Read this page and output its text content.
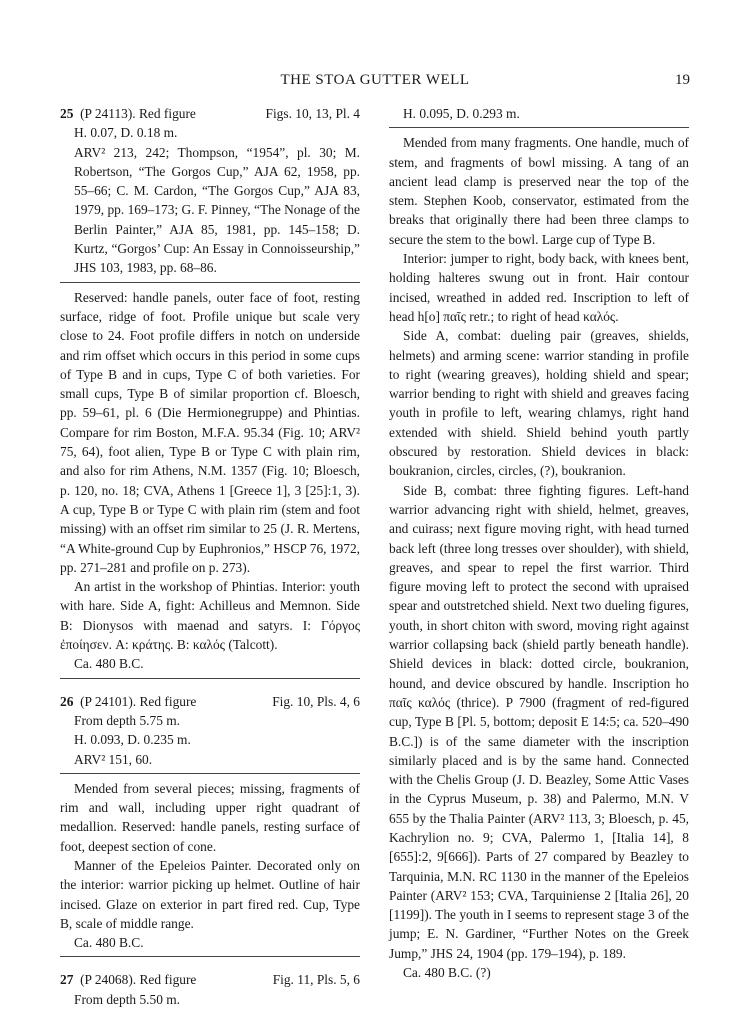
THE STOA GUTTER WELL	19
25 (P 24113). Red figure	Figs. 10, 13, Pl. 4

H. 0.07, D. 0.18 m.

ARV² 213, 242; Thompson, “1954”, pl. 30; M. Robertson, “The Gorgos Cup,” AJA 62, 1958, pp. 55–66; C. M. Cardon, “The Gorgos Cup,” AJA 83, 1979, pp. 169–173; G. F. Pinney, “The Nonage of the Berlin Painter,” AJA 85, 1981, pp. 145–158; D. Kurtz, “Gorgos’ Cup: An Essay in Connoisseurship,” JHS 103, 1983, pp. 68–86.

Reserved: handle panels, outer face of foot, resting surface, ridge of foot. Profile unique but scale very close to 24. Foot profile differs in notch on underside and rim offset which occurs in this period in some cups of Type B and in cups, Type C of both varieties. For small cups, Type B of similar proportion cf. Bloesch, pp. 59–61, pl. 6 (Die Hermionegruppe) and Phintias. Compare for rim Boston, M.F.A. 95.34 (Fig. 10; ARV² 75, 64), foot alien, Type B or Type C with plain rim, and also for rim Athens, N.M. 1357 (Fig. 10; Bloesch, p. 120, no. 18; CVA, Athens 1 [Greece 1], 3 [25]:1, 3). A cup, Type B or Type C with plain rim (stem and foot missing) with an offset rim similar to 25 (J. R. Mertens, “A White-ground Cup by Euphronios,” HSCP 76, 1972, pp. 271–281 and profile on p. 273).

An artist in the workshop of Phintias. Interior: youth with hare. Side A, fight: Achilleus and Memnon. Side B: Dionysos with maenad and satyrs. I: Γόργος ἐποίησεν. A: κράτης. B: καλός (Talcott).

Ca. 480 B.C.

26 (P 24101). Red figure	Fig. 10, Pls. 4, 6

From depth 5.75 m.

H. 0.093, D. 0.235 m.

ARV² 151, 60.

Mended from several pieces; missing, fragments of rim and wall, including upper right quadrant of medallion. Reserved: handle panels, resting surface of foot, deepest section of cone.

Manner of the Epeleios Painter. Decorated only on the interior: warrior picking up helmet. Outline of hair incised. Glaze on exterior in part fired red. Cup, Type B, scale of middle range.

Ca. 480 B.C.

27 (P 24068). Red figure	Fig. 11, Pls. 5, 6

From depth 5.50 m.

H. 0.095, D. 0.293 m.

Mended from many fragments. One handle, much of stem, and fragments of bowl missing. A tang of an ancient lead clamp is preserved near the top of the stem. Stephen Koob, conservator, estimated from the breaks that originally there had been three clamps to secure the stem to the bowl. Large cup of Type B.

Interior: jumper to right, body back, with knees bent, holding halteres swung out in front. Hair contour incised, wreathed in added red. Inscription to left of head h[o] παῖς retr.; to right of head καλός.

Side A, combat: dueling pair (greaves, shields, helmets) and arming scene: warrior standing in profile to right (wearing greaves), holding shield and spear; warrior bending to right with shield and greaves facing youth in profile to left, wearing chlamys, right hand extended with shield. Shield behind youth partly obscured by restoration. Shield devices in black: boukranion, circles, circles, (?), boukranion.

Side B, combat: three fighting figures. Left-hand warrior advancing right with shield, helmet, greaves, and cuirass; next figure moving right, with head turned back left (three long tresses over shoulder), with shield, greaves, and spear to repel the first warrior. Third figure moving left to protect the second with upraised spear and outstretched shield. Next two dueling figures, youth, in short chiton with sword, moving right against warrior collapsing back (shield partly beneath handle). Shield devices in black: dotted circle, boukranion, hound, and device obscured by handle. Inscription ho παῖς καλός (thrice). P 7900 (fragment of red-figured cup, Type B [Pl. 5, bottom; deposit E 14:5; ca. 520–490 B.C.]) is of the same diameter with the inscription similarly placed and is by the same hand. Connected with the Chelis Group (J. D. Beazley, Some Attic Vases in the Cyprus Museum, p. 38) and Palermo, M.N. V 655 by the Thalia Painter (ARV² 113, 3; Bloesch, p. 45, Kachrylion no. 9; CVA, Palermo 1, [Italia 14], 8 [655]:2, 9[666]). Parts of 27 compared by Beazley to Tarquinia, M.N. RC 1130 in the manner of the Epeleios Painter (ARV² 153; CVA, Tarquiniense 2 [Italia 26], 20 [1199]). The youth in I seems to represent stage 3 of the jump; E. N. Gardiner, “Further Notes on the Greek Jump,” JHS 24, 1904 (pp. 179–194), p. 189.

Ca. 480 B.C. (?)
